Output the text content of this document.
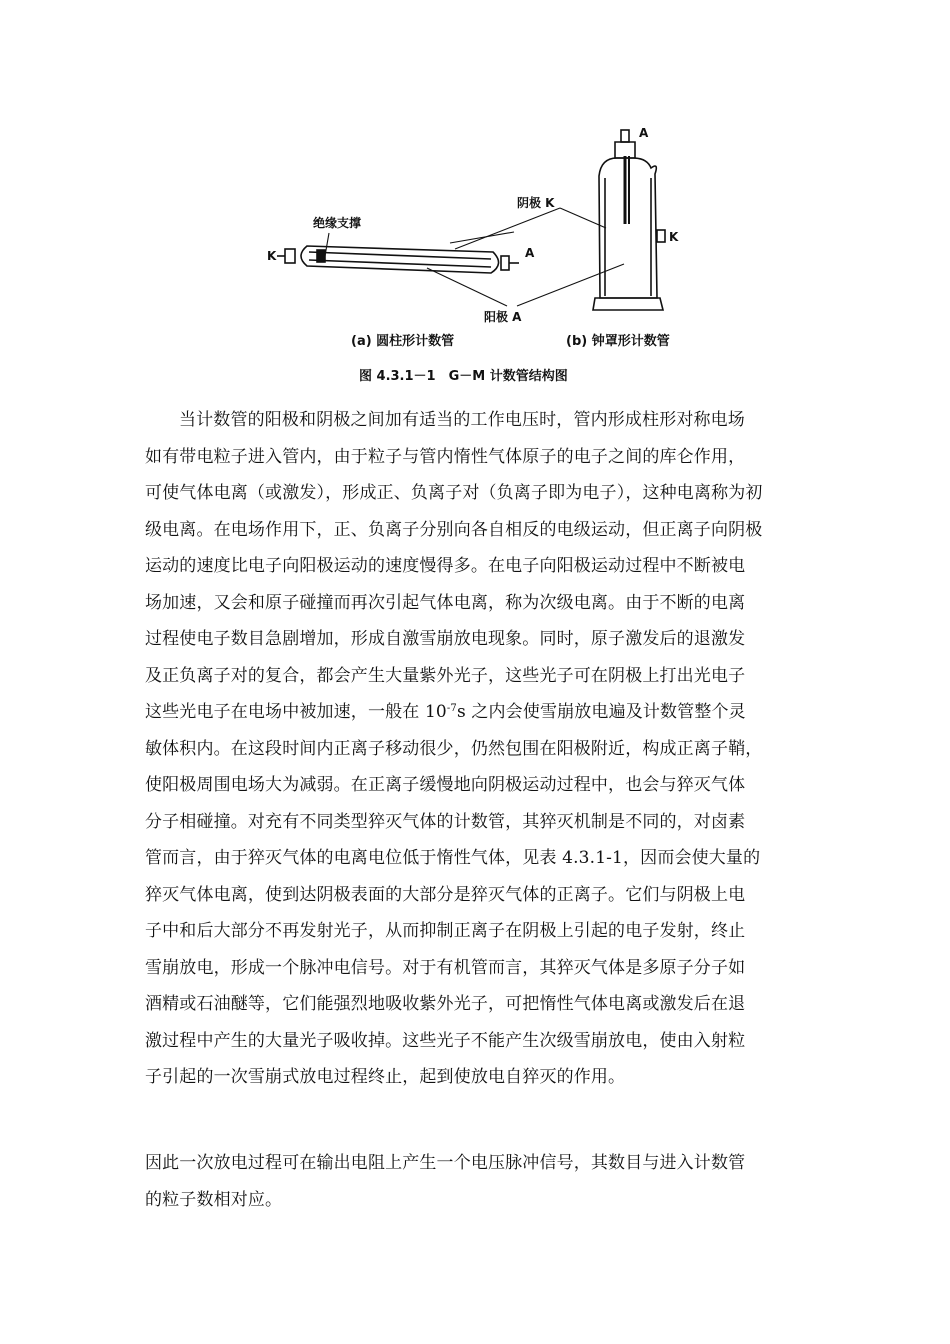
绝缘支撑
阴极 K
K	A
阳极 A
A
K
(a) 圆柱形计数管	(b) 钟罩形计数管
图 4.3.1－1　G－M 计数管结构图
当计数管的阳极和阴极之间加有适当的工作电压时，管内形成柱形对称电场
如有带电粒子进入管内，由于粒子与管内惰性气体原子的电子之间的库仑作用，
可使气体电离（或激发），形成正、负离子对（负离子即为电子），这种电离称为初
级电离。在电场作用下，正、负离子分别向各自相反的电级运动，但正离子向阴极
运动的速度比电子向阳极运动的速度慢得多。在电子向阳极运动过程中不断被电
场加速，又会和原子碰撞而再次引起气体电离，称为次级电离。由于不断的电离
过程使电子数目急剧增加，形成自激雪崩放电现象。同时，原子激发后的退激发
及正负离子对的复合，都会产生大量紫外光子，这些光子可在阴极上打出光电子
这些光电子在电场中被加速，一般在 $10^{-7}s$ 之内会使雪崩放电遍及计数管整个灵
敏体积内。在这段时间内正离子移动很少，仍然包围在阳极附近，构成正离子鞘，
使阳极周围电场大为减弱。在正离子缓慢地向阴极运动过程中，也会与猝灭气体
分子相碰撞。对充有不同类型猝灭气体的计数管，其猝灭机制是不同的，对卤素
管而言，由于猝灭气体的电离电位低于惰性气体，见表 4.3.1-1，因而会使大量的
猝灭气体电离，使到达阴极表面的大部分是猝灭气体的正离子。它们与阴极上电
子中和后大部分不再发射光子，从而抑制正离子在阴极上引起的电子发射，终止
雪崩放电，形成一个脉冲电信号。对于有机管而言，其猝灭气体是多原子分子如
酒精或石油醚等，它们能强烈地吸收紫外光子，可把惰性气体电离或激发后在退
激过程中产生的大量光子吸收掉。这些光子不能产生次级雪崩放电，使由入射粒
子引起的一次雪崩式放电过程终止，起到使放电自猝灭的作用。
因此一次放电过程可在输出电阻上产生一个电压脉冲信号，其数目与进入计数管
的粒子数相对应。
